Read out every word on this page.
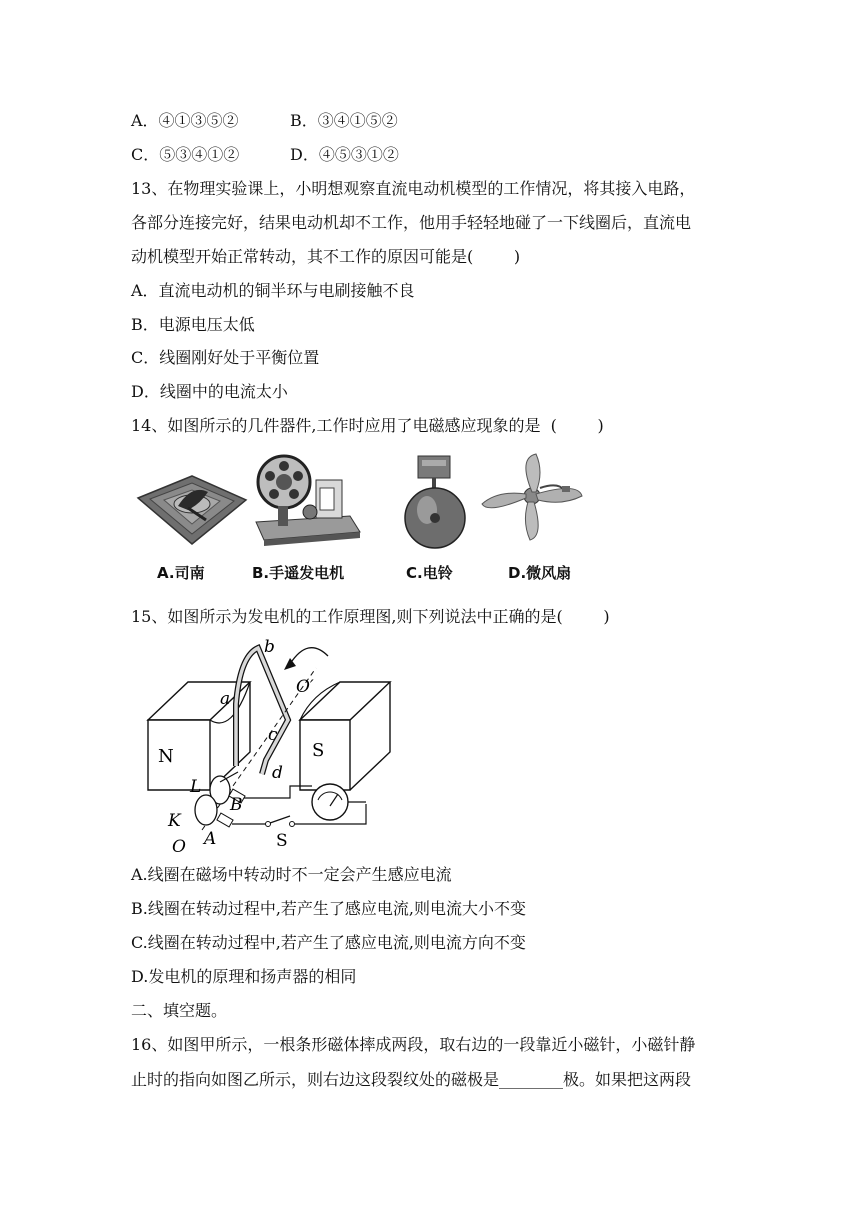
A．④①③⑤②	B．③④①⑤②
C．⑤③④①②	D．④⑤③①②
13、在物理实验课上，小明想观察直流电动机模型的工作情况，将其接入电路，
各部分连接完好，结果电动机却不工作，他用手轻轻地碰了一下线圈后，直流电
动机模型开始正常转动，其不工作的原因可能是(        )
A．直流电动机的铜半环与电刷接触不良
B．电源电压太低
C．线圈刚好处于平衡位置
D．线圈中的电流太小
14、如图所示的几件器件,工作时应用了电磁感应现象的是  (        )
A.司南	B.手遥发电机	C.电铃	D.微风扇
15、如图所示为发电机的工作原理图,则下列说法中正确的是(        )
b
O′
a
c
d
N	S
L
B
K
A	S
O
A.线圈在磁场中转动时不一定会产生感应电流
B.线圈在转动过程中,若产生了感应电流,则电流大小不变
C.线圈在转动过程中,若产生了感应电流,则电流方向不变
D.发电机的原理和扬声器的相同
二、填空题。
16、如图甲所示，一根条形磁体摔成两段，取右边的一段靠近小磁针，小磁针静
止时的指向如图乙所示，则右边这段裂纹处的磁极是________极。如果把这两段
